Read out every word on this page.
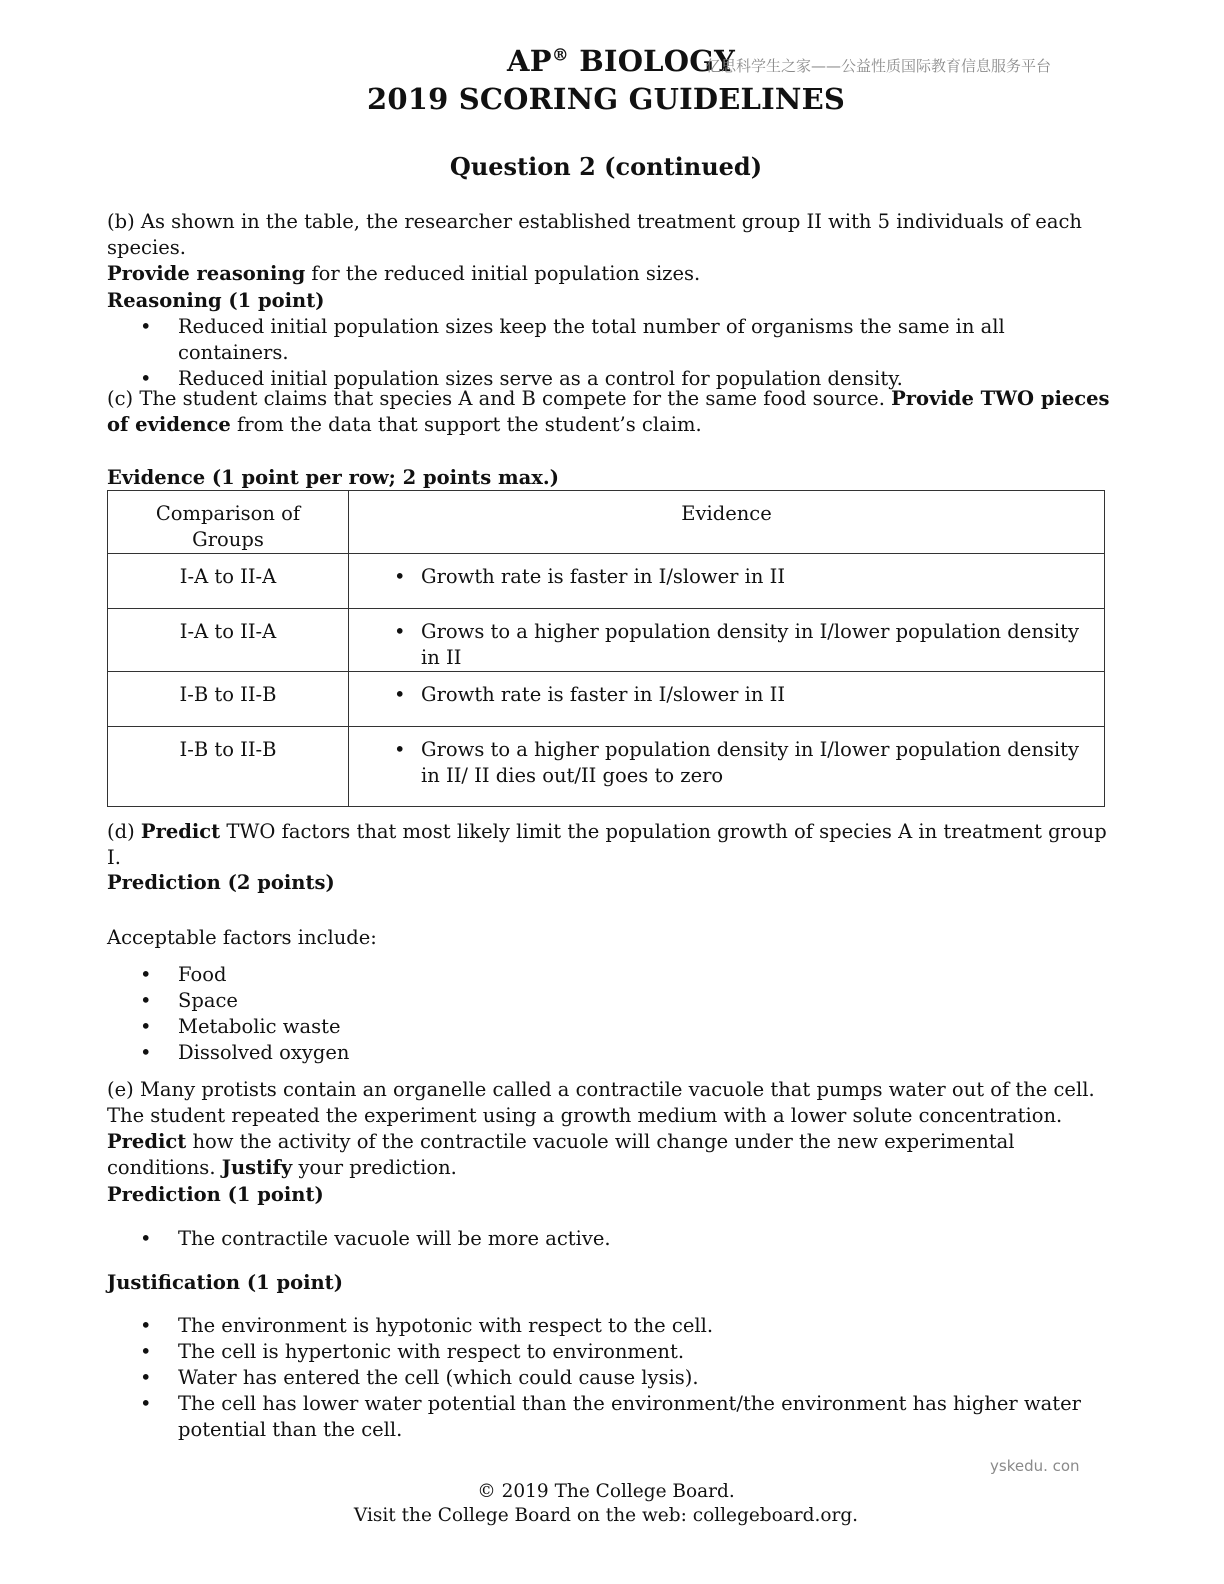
AP® BIOLOGY
亿思科学生之家——公益性质国际教育信息服务平台
2019 SCORING GUIDELINES
Question 2 (continued)
(b) As shown in the table, the researcher established treatment group II with 5 individuals of each species.
Provide reasoning for the reduced initial population sizes.
Reasoning (1 point)
• Reduced initial population sizes keep the total number of organisms the same in all containers.
• Reduced initial population sizes serve as a control for population density.
(c) The student claims that species A and B compete for the same food source. Provide TWO pieces of evidence from the data that support the student’s claim.
Evidence (1 point per row; 2 points max.)
Comparison of Groups	Evidence
I-A to II-A	• Growth rate is faster in I/slower in II
I-A to II-A	• Grows to a higher population density in I/lower population density in II
I-B to II-B	• Growth rate is faster in I/slower in II
I-B to II-B	• Grows to a higher population density in I/lower population density in II/ II dies out/II goes to zero
(d) Predict TWO factors that most likely limit the population growth of species A in treatment group I.
Prediction (2 points)
Acceptable factors include:
• Food
• Space
• Metabolic waste
• Dissolved oxygen
(e) Many protists contain an organelle called a contractile vacuole that pumps water out of the cell. The student repeated the experiment using a growth medium with a lower solute concentration. Predict how the activity of the contractile vacuole will change under the new experimental conditions. Justify your prediction.
Prediction (1 point)
• The contractile vacuole will be more active.
Justification (1 point)
• The environment is hypotonic with respect to the cell.
• The cell is hypertonic with respect to environment.
• Water has entered the cell (which could cause lysis).
• The cell has lower water potential than the environment/the environment has higher water potential than the cell.
yskedu. con
© 2019 The College Board.
Visit the College Board on the web: collegeboard.org.
